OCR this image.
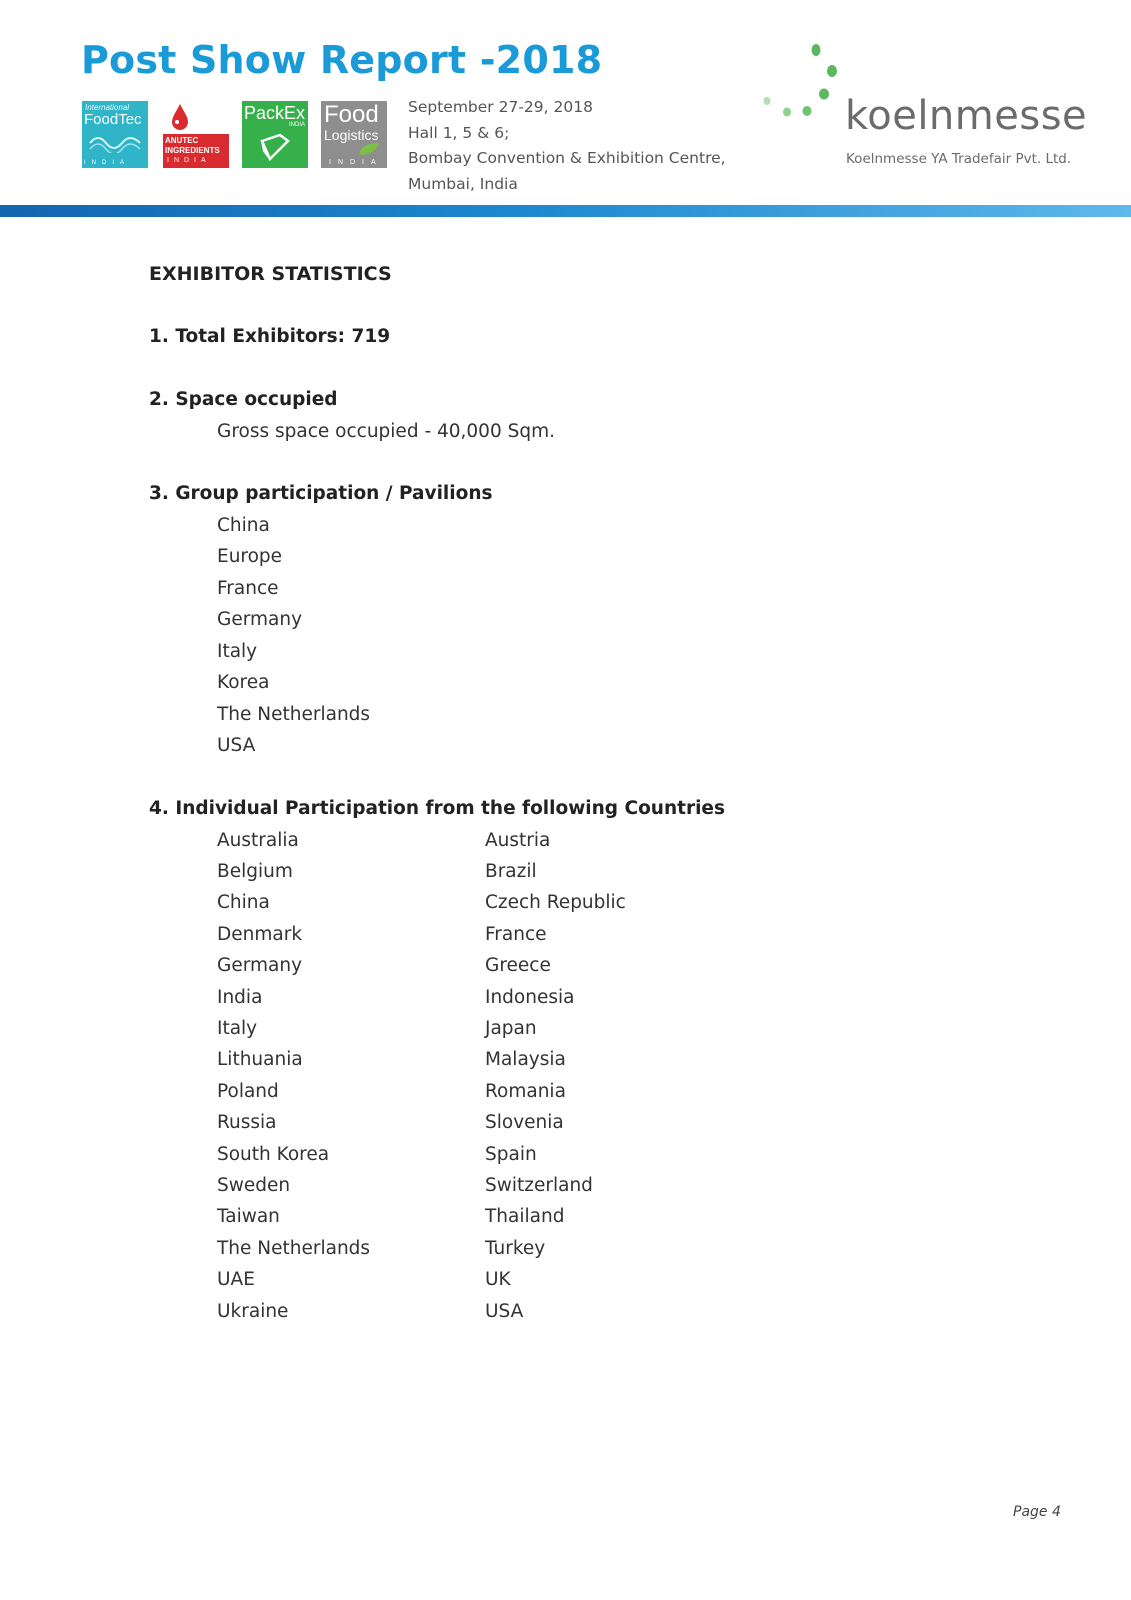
Post Show Report -2018
International
FoodTec
INDIA
ANUTEC
INGREDIENTS
INDIA
PackEx
INDIA Food
Logistics
INDIA
September 27-29, 2018
Hall 1, 5 & 6;
Bombay Convention & Exhibition Centre,
Mumbai, India
koelnmesse
Koelnmesse YA Tradefair Pvt. Ltd.
EXHIBITOR STATISTICS
1. Total Exhibitors: 719
2. Space occupied
Gross space occupied - 40,000 Sqm.
3. Group participation / Pavilions
China
Europe
France
Germany
Italy
Korea
The Netherlands
USA
4. Individual Participation from the following Countries
Australia
Belgium
China
Denmark
Germany
India
Italy
Lithuania
Poland
Russia
South Korea
Sweden
Taiwan
The Netherlands
UAE
Ukraine
Austria
Brazil
Czech Republic
France
Greece
Indonesia
Japan
Malaysia
Romania
Slovenia
Spain
Switzerland
Thailand
Turkey
UK
USA
Page 4
